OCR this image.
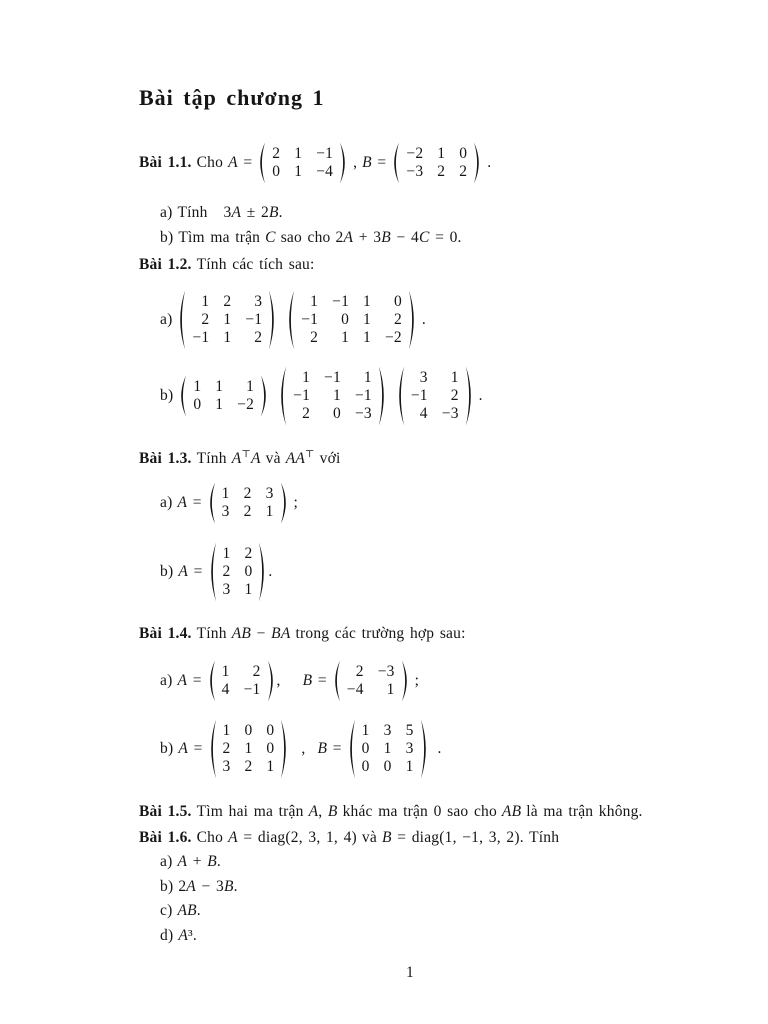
Bài tập chương 1
Bài 1.1. Cho A =
2 1 −1
0 1 −4
, B =
−2 1 0
−3 2 2
.
a) Tính 3A ± 2B.
b) Tìm ma trận C sao cho 2A + 3B − 4C = 0.
Bài 1.2. Tính các tích sau:
a)
1 2	3
2 1 −1
−1 1	2
1 −1 1	0
−1	0 1	2
2	1 1 −2
.
b)
1 1	1
0 1 −2
1 −1	1
−1	1 −1
2	0 −3
3	1
−1	2
4 −3
.
Bài 1.3. Tính A⊤A và AA⊤ với
a) A =
1 2 3
3 2 1
;
b) A =
1 2
2 0
3 1
.
Bài 1.4. Tính AB − BA trong các trường hợp sau:
a) A =
1	2
4 −1
, B =
2 −3
−4	1
;
b) A =
1 0 0
2 1 0
3 2 1
, B =
1 3 5
0 1 3
0 0 1
.
Bài 1.5. Tìm hai ma trận A, B khác ma trận 0 sao cho AB là ma trận không.
Bài 1.6. Cho A = diag(2, 3, 1, 4) và B = diag(1, −1, 3, 2) . Tính
a) A + B.
b) 2A − 3B.
c) AB.
d) A³.
1
